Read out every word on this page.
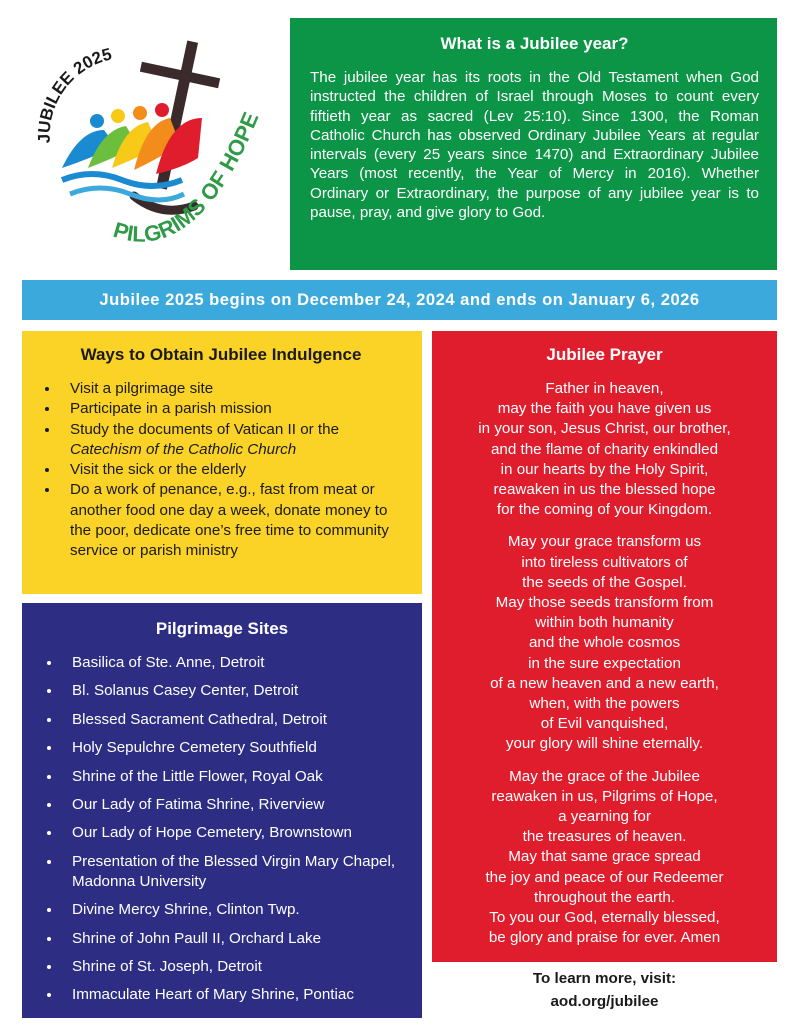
JUBILEE 2025
PILGRIMS OF HOPE
What is a Jubilee year?

The jubilee year has its roots in the Old Testament when God instructed the children of Israel through Moses to count every fiftieth year as sacred (Lev 25:10). Since 1300, the Roman Catholic Church has observed Ordinary Jubilee Years at regular intervals (every 25 years since 1470) and Extraordinary Jubilee Years (most recently, the Year of Mercy in 2016). Whether Ordinary or Extraordinary, the purpose of any jubilee year is to pause, pray, and give glory to God.

Jubilee 2025 begins on December 24, 2024 and ends on January 6, 2026
Ways to Obtain Jubilee Indulgence
• Visit a pilgrimage site
• Participate in a parish mission
• Study the documents of Vatican II or the
Catechism of the Catholic Church
• Visit the sick or the elderly
• Do a work of penance, e.g., fast from meat or another food one day a week, donate money to the poor, dedicate one’s free time to community service or parish ministry
Pilgrimage Sites
• Basilica of Ste. Anne, Detroit
• Bl. Solanus Casey Center, Detroit
• Blessed Sacrament Cathedral, Detroit
• Holy Sepulchre Cemetery Southfield
• Shrine of the Little Flower, Royal Oak
• Our Lady of Fatima Shrine, Riverview
• Our Lady of Hope Cemetery, Brownstown
• Presentation of the Blessed Virgin Mary Chapel, Madonna University
• Divine Mercy Shrine, Clinton Twp.
• Shrine of John Paull II, Orchard Lake
• Shrine of St. Joseph, Detroit
• Immaculate Heart of Mary Shrine, Pontiac
Jubilee Prayer
Father in heaven,
may the faith you have given us
in your son, Jesus Christ, our brother,
and the flame of charity enkindled
in our hearts by the Holy Spirit,
reawaken in us the blessed hope
for the coming of your Kingdom.
May your grace transform us
into tireless cultivators of
the seeds of the Gospel.
May those seeds transform from
within both humanity
and the whole cosmos
in the sure expectation
of a new heaven and a new earth,
when, with the powers
of Evil vanquished,
your glory will shine eternally.
May the grace of the Jubilee
reawaken in us, Pilgrims of Hope,
a yearning for
the treasures of heaven.
May that same grace spread
the joy and peace of our Redeemer
throughout the earth.
To you our God, eternally blessed,
be glory and praise for ever. Amen
To learn more, visit:
aod.org/jubilee
